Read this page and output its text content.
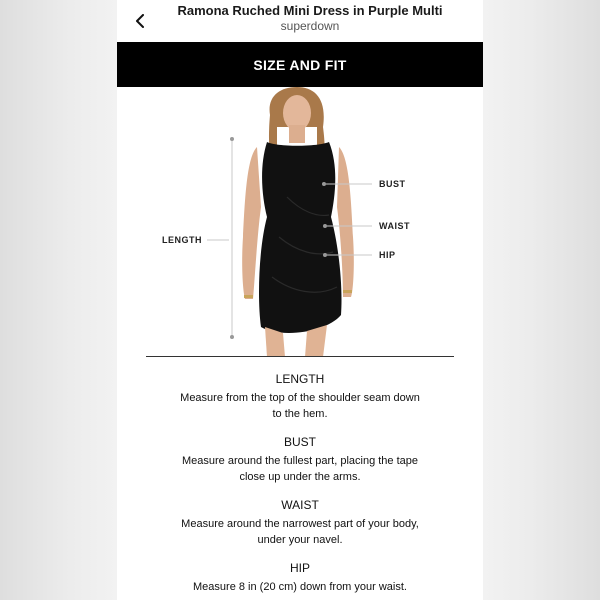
Ramona Ruched Mini Dress in Purple Multi
superdown
SIZE AND FIT
LENGTH
BUST
WAIST
HIP
LENGTH
Measure from the top of the shoulder seam down to the hem.
BUST
Measure around the fullest part, placing the tape close up under the arms.
WAIST
Measure around the narrowest part of your body, under your navel.
HIP
Measure 8 in (20 cm) down from your waist.
